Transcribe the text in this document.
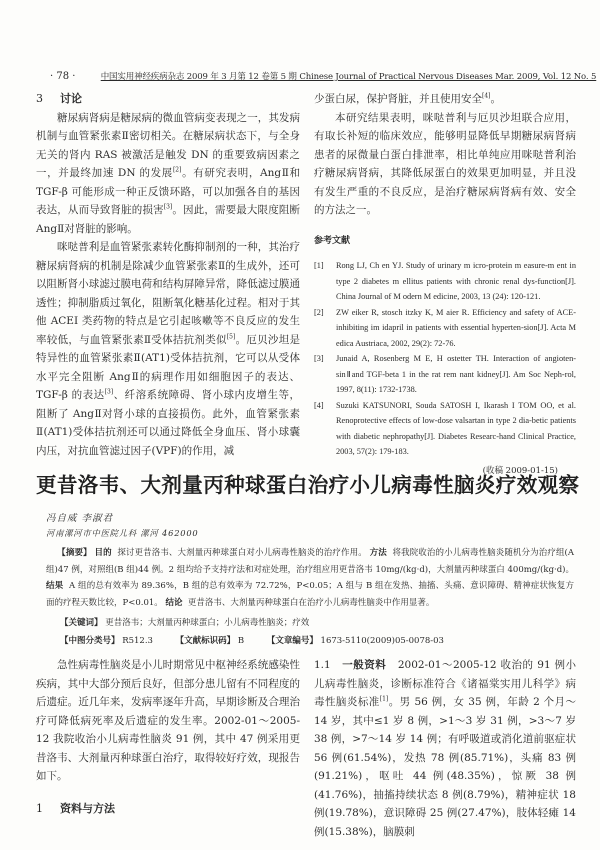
· 78 ·	中国实用神经疾病杂志 2009 年 3 月第 12 卷第 5 期 Chinese Journal of Practical Nervous Diseases Mar. 2009, Vol. 12 No. 5
3 讨论

糖尿病肾病是糖尿病的微血管病变表现之一，其发病机制与血管紧张素Ⅱ密切相关。在糖尿病状态下，与全身无关的肾内 RAS 被激活是触发 DN 的重要致病因素之一，并最终加速 DN 的发展[2]。有研究表明，AngⅡ和 TGF-β 可能形成一种正反馈环路，可以加强各自的基因表达，从而导致肾脏的损害[3]。因此，需要最大限度阻断 AngⅡ对肾脏的影响。

咪哒普利是血管紧张素转化酶抑制剂的一种，其治疗糖尿病肾病的机制是除减少血管紧张素Ⅱ的生成外，还可以阻断肾小球滤过膜电荷和结构屏障异常，降低滤过膜通透性；抑制脂质过氧化，阻断氧化糖基化过程。相对于其他 ACEI 类药物的特点是它引起咳嗽等不良反应的发生率较低，与血管紧张素Ⅱ受体拮抗剂类似[5]。厄贝沙坦是特异性的血管紧张素Ⅱ(AT1)受体拮抗剂，它可以从受体水平完全阻断 AngⅡ的病理作用如细胞因子的表达、TGF-β 的表达[3]、纤溶系统障碍、肾小球内皮增生等，阻断了 AngⅡ对肾小球的直接损伤。此外，血管紧张素Ⅱ(AT1)受体拮抗剂还可以通过降低全身血压、肾小球囊内压，对抗血管滤过因子(VPF)的作用，减

少蛋白尿，保护肾脏，并且使用安全[4]。

本研究结果表明，咪哒普利与厄贝沙坦联合应用，有取长补短的临床效应，能够明显降低早期糖尿病肾病患者的尿微量白蛋白排泄率，相比单纯应用咪哒普利治疗糖尿病肾病，其降低尿蛋白的效果更加明显，并且没有发生严重的不良反应，是治疗糖尿病肾病有效、安全的方法之一。

参考文献
[1]	Rong LJ, Ch en YJ. Study of urinary m icro-protein m easure-m ent in type 2 diabetes m ellitus patients with chronic renal dys-function[J]. China Journal of M odern M edicine, 2003, 13 (24): 120-121.
[2]	ZW eiker R, stosch itzky K, M aier R. Efficiency and safety of ACE-inhibiting im idapril in patients with essential hyperten-sion[J]. Acta M edica Austriaca, 2002, 29(2): 72-76.
[3]	Junaid A, Rosenberg M E, H ostetter TH. Interaction of angioten-sinⅡand TGF-beta 1 in the rat rem nant kidney[J]. Am Soc Neph-rol, 1997, 8(11): 1732-1738.
[4]	Suzuki KATSUNORI, Souda SATOSH I, Ikarash I TOM OO, et al. Renoprotective effects of low-dose valsartan in type 2 dia-betic patients with diabetic nephropathy[J]. Diabetes Researc-hand Clinical Practice, 2003, 57(2): 179-183.
(收稿 2009-01-15)
更昔洛韦、大剂量丙种球蛋白治疗小儿病毒性脑炎疗效观察
冯自威 李淑君
河南漯河市中医院儿科 漯河 462000
【摘要】 目的 探讨更昔洛韦、大剂量丙种球蛋白对小儿病毒性脑炎的治疗作用。 方法 将我院收治的小儿病毒性脑炎随机分为治疗组(A 组)47 例，对照组(B 组)44 例。2 组均给予支持疗法和对症处理，治疗组应用更昔洛韦 10mg/(kg·d)，大剂量丙种球蛋白 400mg/(kg·d)。 结果 A 组的总有效率为 89.36%，B 组的总有效率为 72.72%，P<0.05；A 组与 B 组在发热、抽搐、头痛、意识障碍、精神症状恢复方面的疗程天数比较，P<0.01。 结论 更昔洛韦、大剂量丙种球蛋白在治疗小儿病毒性脑炎中作用显著。
【关键词】 更昔洛韦；大剂量丙种球蛋白；小儿病毒性脑炎；疗效
【中图分类号】 R512.3	【文献标识码】 B	【文章编号】 1673-5110(2009)05-0078-03

急性病毒性脑炎是小儿时期常见中枢神经系统感染性疾病，其中大部分预后良好，但部分患儿留有不同程度的后遗症。近几年来，发病率逐年升高，早期诊断及合理治疗可降低病死率及后遗症的发生率。2002-01～2005-12 我院收治小儿病毒性脑炎 91 例，其中 47 例采用更昔洛韦、大剂量丙种球蛋白治疗，取得较好疗效，现报告如下。

1 资料与方法
1.1 一般资料 2002-01～2005-12 收治的 91 例小儿病毒性脑炎，诊断标准符合《诸福棠实用儿科学》病毒性脑炎标准[1]。男 56 例，女 35 例，年龄 2 个月～14 岁，其中≤1 岁 8 例，>1～3 岁 31 例，>3～7 岁 38 例，>7～14 岁 14 例；有呼吸道或消化道前驱症状 56 例(61.54%)，发热 78 例(85.71%)，头痛 83 例(91.21%)，呕吐 44 例(48.35%)，惊厥 38 例(41.76%)，抽搐持续状态 8 例(8.79%)，精神症状 18 例(19.78%)，意识障碍 25 例(27.47%)，肢体轻瘫 14 例(15.38%)，脑膜刺
